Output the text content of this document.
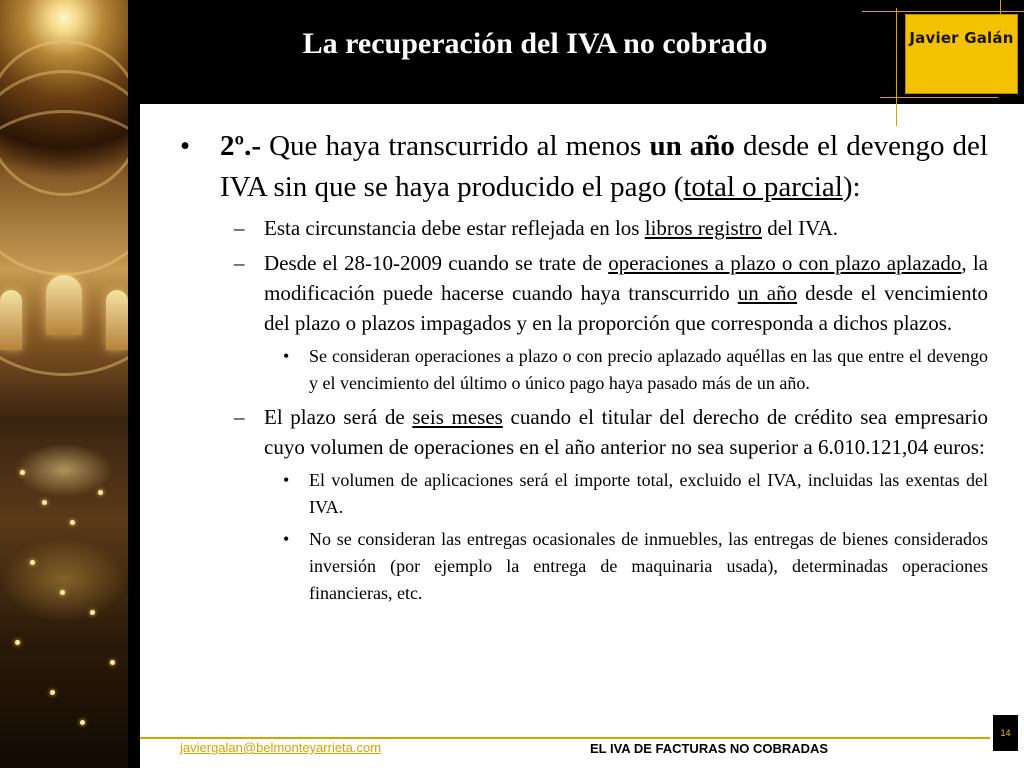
La recuperación del IVA no cobrado	Javier Galán
• 2º.- Que haya transcurrido al menos un año desde el devengo del IVA sin que se haya producido el pago (total o parcial):
– Esta circunstancia debe estar reflejada en los libros registro del IVA.
– Desde el 28-10-2009 cuando se trate de operaciones a plazo o con plazo aplazado, la modificación puede hacerse cuando haya transcurrido un año desde el vencimiento del plazo o plazos impagados y en la proporción que corresponda a dichos plazos.
• Se consideran operaciones a plazo o con precio aplazado aquéllas en las que entre el devengo y el vencimiento del último o único pago haya pasado más de un año.
– El plazo será de seis meses cuando el titular del derecho de crédito sea empresario cuyo volumen de operaciones en el año anterior no sea superior a 6.010.121,04 euros:
• El volumen de aplicaciones será el importe total, excluido el IVA, incluidas las exentas del IVA.
• No se consideran las entregas ocasionales de inmuebles, las entregas de bienes considerados inversión (por ejemplo la entrega de maquinaria usada), determinadas operaciones financieras, etc.
javiergalan@belmonteyarrieta.com	EL IVA DE FACTURAS NO COBRADAS
14
